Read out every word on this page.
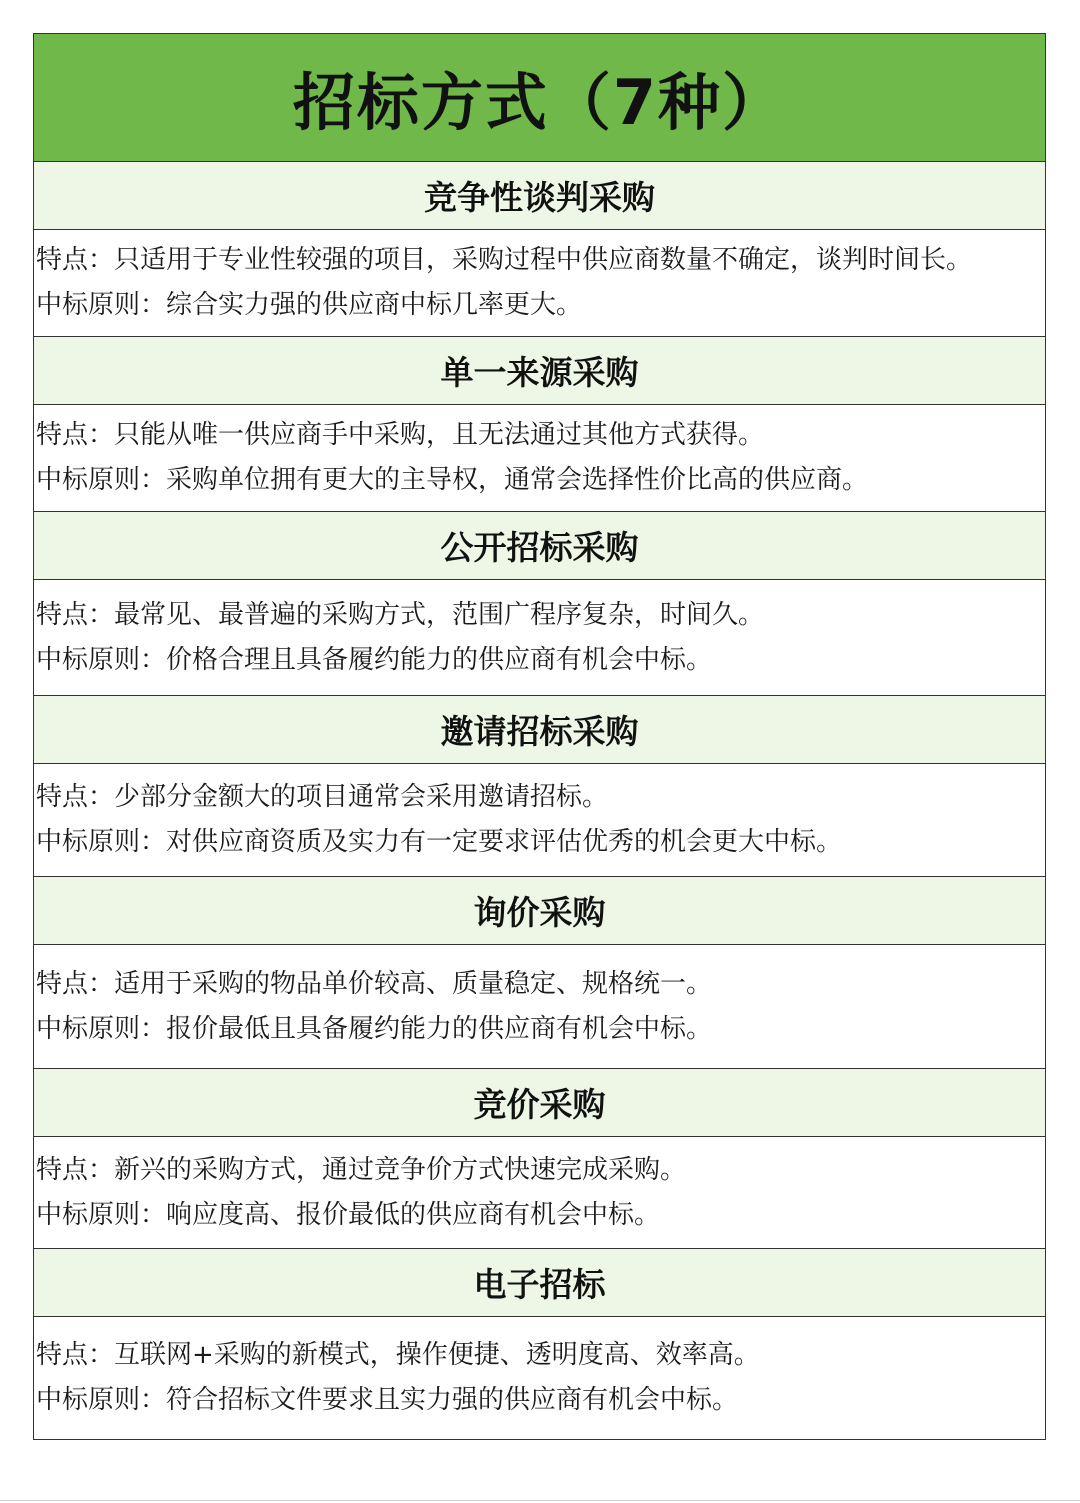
招标方式（7种）
竞争性谈判采购
特点：只适用于专业性较强的项目，采购过程中供应商数量不确定，谈判时间长。
中标原则：综合实力强的供应商中标几率更大。
单一来源采购
特点：只能从唯一供应商手中采购，且无法通过其他方式获得。
中标原则：采购单位拥有更大的主导权，通常会选择性价比高的供应商。
公开招标采购
特点：最常见、最普遍的采购方式，范围广程序复杂，时间久。
中标原则：价格合理且具备履约能力的供应商有机会中标。
邀请招标采购
特点：少部分金额大的项目通常会采用邀请招标。
中标原则：对供应商资质及实力有一定要求评估优秀的机会更大中标。
询价采购
特点：适用于采购的物品单价较高、质量稳定、规格统一。
中标原则：报价最低且具备履约能力的供应商有机会中标。
竞价采购
特点：新兴的采购方式，通过竞争价方式快速完成采购。
中标原则：响应度高、报价最低的供应商有机会中标。
电子招标
特点：互联网+采购的新模式，操作便捷、透明度高、效率高。
中标原则：符合招标文件要求且实力强的供应商有机会中标。
